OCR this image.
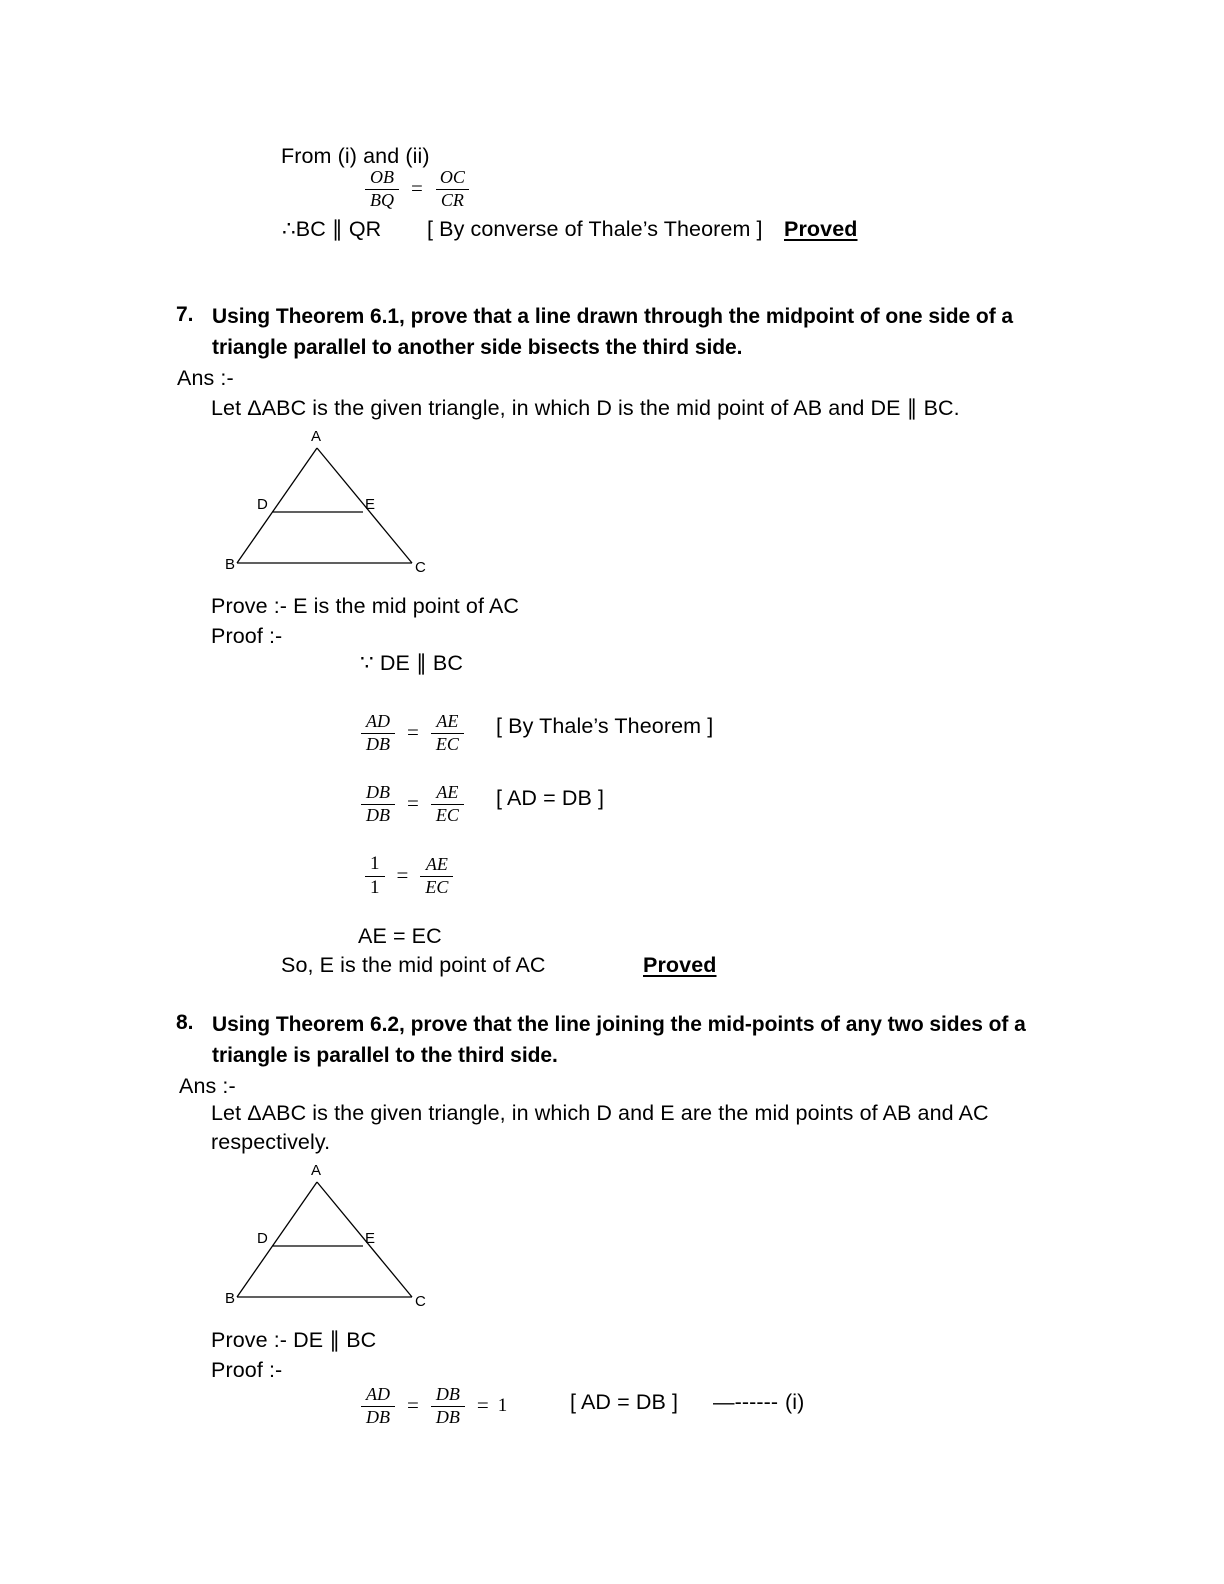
From (i) and (ii)
$\frac{OB}{BQ} = \frac{OC}{CR}$
∴BC ∥ QR [ By converse of Thale’s Theorem ] Proved
7. Using Theorem 6.1, prove that a line drawn through the midpoint of one side of a
triangle parallel to another side bisects the third side.
Ans :-
Let ΔABC is the given triangle, in which D is the mid point of AB and DE ∥ BC.
A
B	C
D	E
Prove :- E is the mid point of AC
Proof :-
∵ DE ∥ BC
$\frac{AD}{DB} = \frac{AE}{EC}$ [ By Thale’s Theorem ]
$\frac{DB}{DB} = \frac{AE}{EC}$ [ AD = DB ]
$\frac{1}{1} = \frac{AE}{EC}$
AE = EC
So, E is the mid point of AC	Proved
8. Using Theorem 6.2, prove that the line joining the mid-points of any two sides of a
triangle is parallel to the third side.
Ans :-
Let ΔABC is the given triangle, in which D and E are the mid points of AB and AC
respectively.
A
B	C
D	E
Prove :- DE ∥ BC
Proof :-
$\frac{AD}{DB} = \frac{DB}{DB} = 1$	[ AD = DB ] —------ (i)
